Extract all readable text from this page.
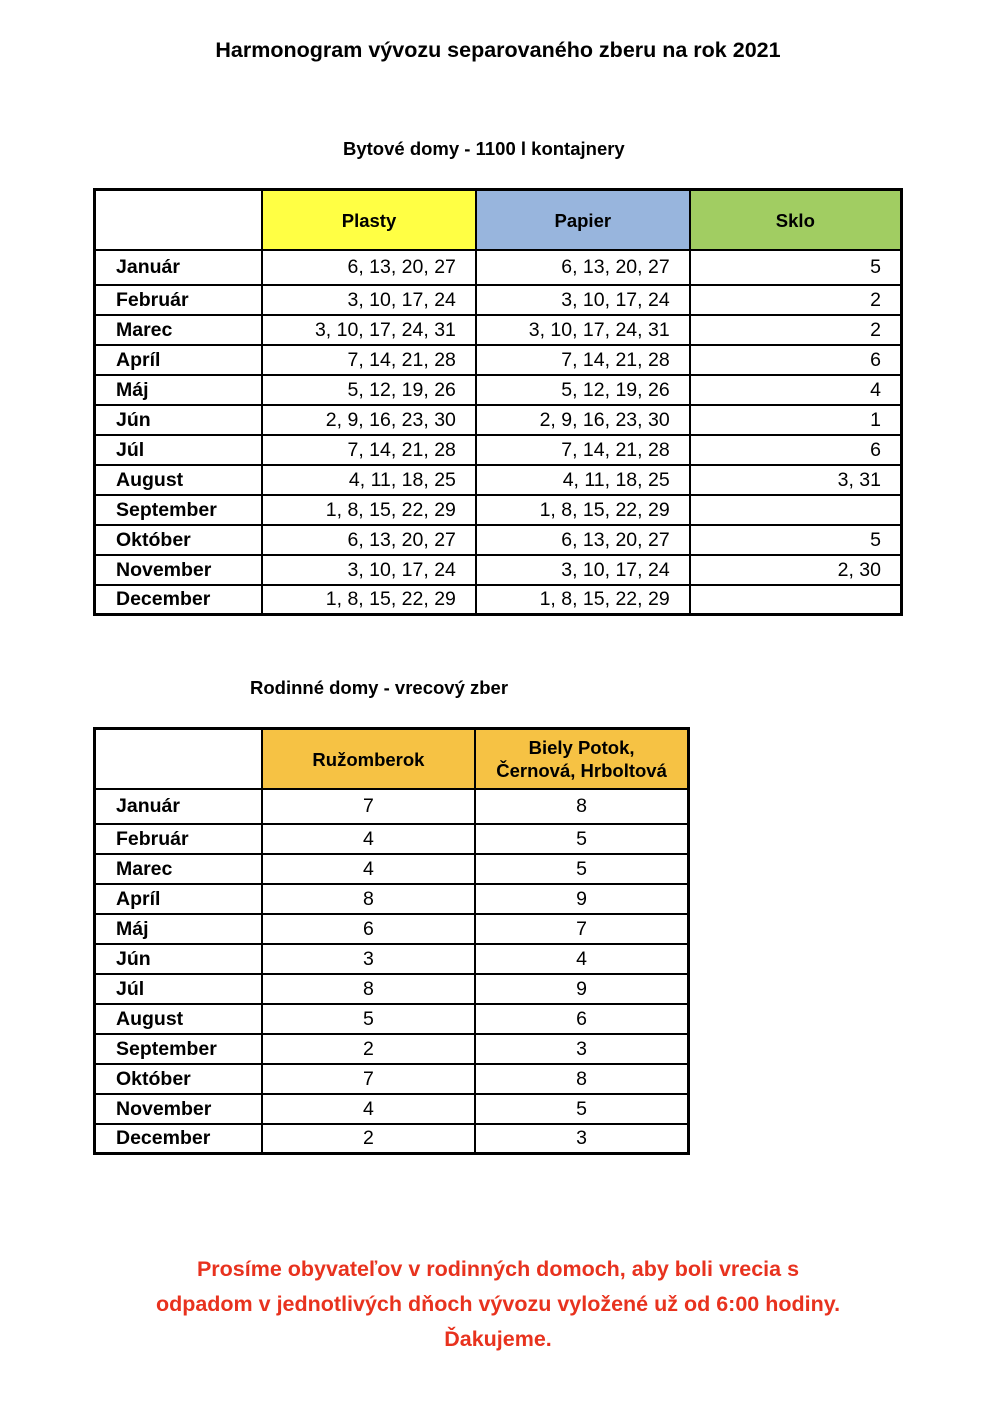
Harmonogram vývozu separovaného zberu na rok 2021
Bytové domy - 1100 l kontajnery
	Plasty	Papier	Sklo
Január	6, 13, 20, 27	6, 13, 20, 27	5
Február	3, 10, 17, 24	3, 10, 17, 24	2
Marec	3, 10, 17, 24, 31	3, 10, 17, 24, 31	2
Apríl	7, 14, 21, 28	7, 14, 21, 28	6
Máj	5, 12, 19, 26	5, 12, 19, 26	4
Jún	2, 9, 16, 23, 30	2, 9, 16, 23, 30	1
Júl	7, 14, 21, 28	7, 14, 21, 28	6
August	4, 11, 18, 25	4, 11, 18, 25	3, 31
September	1, 8, 15, 22, 29	1, 8, 15, 22, 29	
Október	6, 13, 20, 27	6, 13, 20, 27	5
November	3, 10, 17, 24	3, 10, 17, 24	2, 30
December	1, 8, 15, 22, 29	1, 8, 15, 22, 29	
Rodinné domy - vrecový zber
	Ružomberok	Biely Potok,
Černová, Hrboltová
Január	7	8
Február	4	5
Marec	4	5
Apríl	8	9
Máj	6	7
Jún	3	4
Júl	8	9
August	5	6
September	2	3
Október	7	8
November	4	5
December	2	3
Prosíme obyvateľov v rodinných domoch, aby boli vrecia s
odpadom v jednotlivých dňoch vývozu vyložené už od 6:00 hodiny.
Ďakujeme.
